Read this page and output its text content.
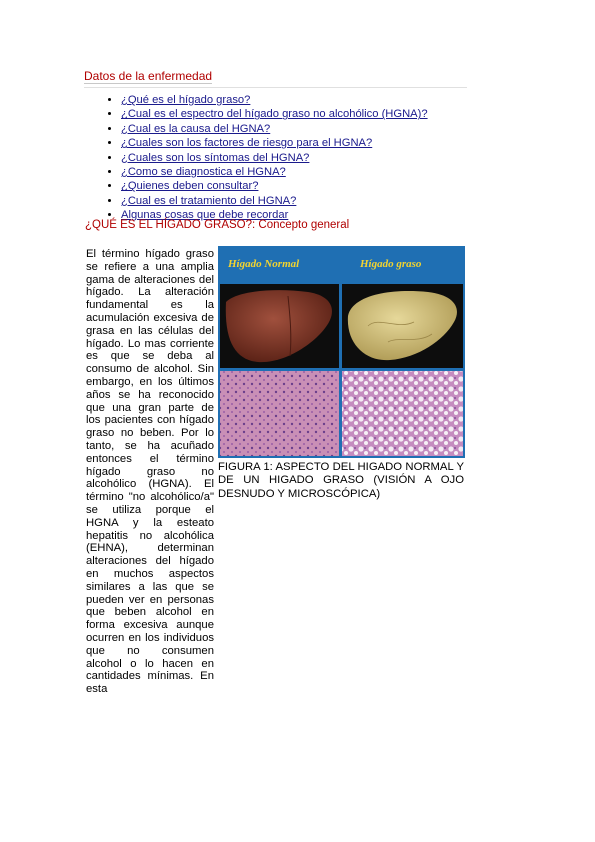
Datos de la enfermedad
• ¿Qué es el hígado graso?
• ¿Cual es el espectro del hígado graso no alcohólico (HGNA)?
• ¿Cual es la causa del HGNA?
• ¿Cuales son los factores de riesgo para el HGNA?
• ¿Cuales son los síntomas del HGNA?
• ¿Como se diagnostica el HGNA?
• ¿Quienes deben consultar?
• ¿Cual es el tratamiento del HGNA?
• Algunas cosas que debe recordar
¿QUÉ ES EL HÍGADO GRASO?: Concepto general
El término hígado graso se refiere a una amplia gama de alteraciones del hígado. La alteración fundamental es la acumulación excesiva de grasa en las células del hígado. Lo mas corriente es que se deba al consumo de alcohol. Sin embargo, en los últimos años se ha reconocido que una gran parte de los pacientes con hígado graso no beben. Por lo tanto, se ha acuñado entonces el término hígado graso no alcohólico (HGNA). El término "no alcohólico/a" se utiliza porque el HGNA y la esteato hepatitis no alcohólica (EHNA), determinan alteraciones del hígado en muchos aspectos similares a las que se pueden ver en personas que beben alcohol en forma excesiva aunque ocurren en los individuos que no consumen alcohol o lo hacen en cantidades mínimas. En esta
Hígado Normal	Hígado graso
FIGURA 1: ASPECTO DEL HIGADO NORMAL Y DE UN HIGADO GRASO (VISIÓN A OJO DESNUDO Y MICROSCÓPICA)
